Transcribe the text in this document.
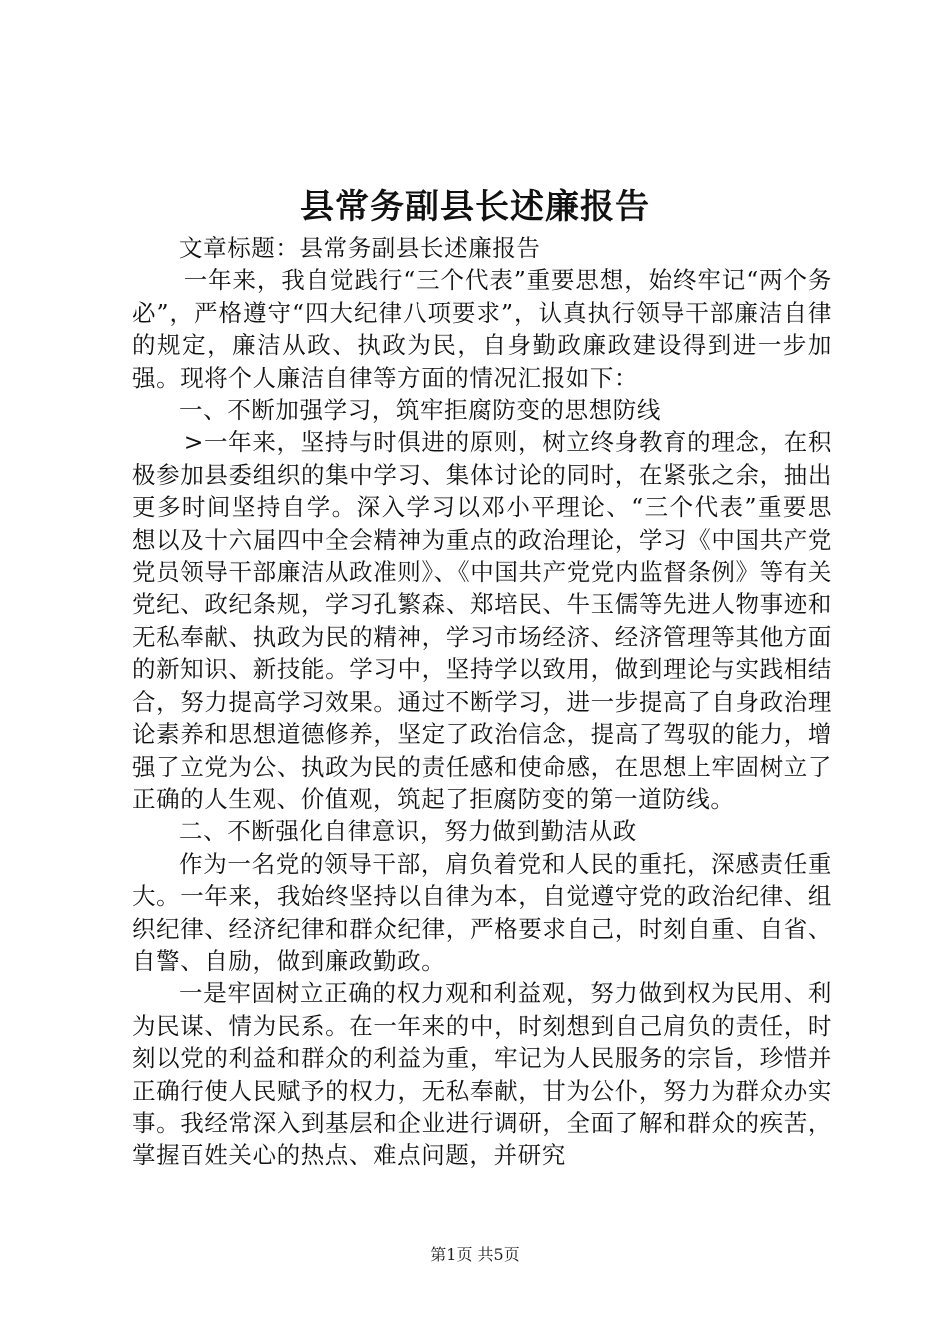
县常务副县长述廉报告

文章标题：县常务副县长述廉报告

一年来，我自觉践行“三个代表”重要思想，始终牢记“两个务必”，严格遵守“四大纪律八项要求”，认真执行领导干部廉洁自律的规定，廉洁从政、执政为民，自身勤政廉政建设得到进一步加强。现将个人廉洁自律等方面的情况汇报如下：

一、不断加强学习，筑牢拒腐防变的思想防线

>一年来，坚持与时俱进的原则，树立终身教育的理念，在积极参加县委组织的集中学习、集体讨论的同时，在紧张之余，抽出更多时间坚持自学。深入学习以邓小平理论、“三个代表”重要思想以及十六届四中全会精神为重点的政治理论，学习《中国共产党党员领导干部廉洁从政准则》、《中国共产党党内监督条例》等有关党纪、政纪条规，学习孔繁森、郑培民、牛玉儒等先进人物事迹和无私奉献、执政为民的精神，学习市场经济、经济管理等其他方面的新知识、新技能。学习中，坚持学以致用，做到理论与实践相结合，努力提高学习效果。通过不断学习，进一步提高了自身政治理论素养和思想道德修养，坚定了政治信念，提高了驾驭的能力，增强了立党为公、执政为民的责任感和使命感，在思想上牢固树立了正确的人生观、价值观，筑起了拒腐防变的第一道防线。

二、不断强化自律意识，努力做到勤洁从政

作为一名党的领导干部，肩负着党和人民的重托，深感责任重大。一年来，我始终坚持以自律为本，自觉遵守党的政治纪律、组织纪律、经济纪律和群众纪律，严格要求自己，时刻自重、自省、自警、自励，做到廉政勤政。

一是牢固树立正确的权力观和利益观，努力做到权为民用、利为民谋、情为民系。在一年来的中，时刻想到自己肩负的责任，时刻以党的利益和群众的利益为重，牢记为人民服务的宗旨，珍惜并正确行使人民赋予的权力，无私奉献，甘为公仆，努力为群众办实事。我经常深入到基层和企业进行调研，全面了解和群众的疾苦，掌握百姓关心的热点、难点问题，并研究

第1页 共5页
